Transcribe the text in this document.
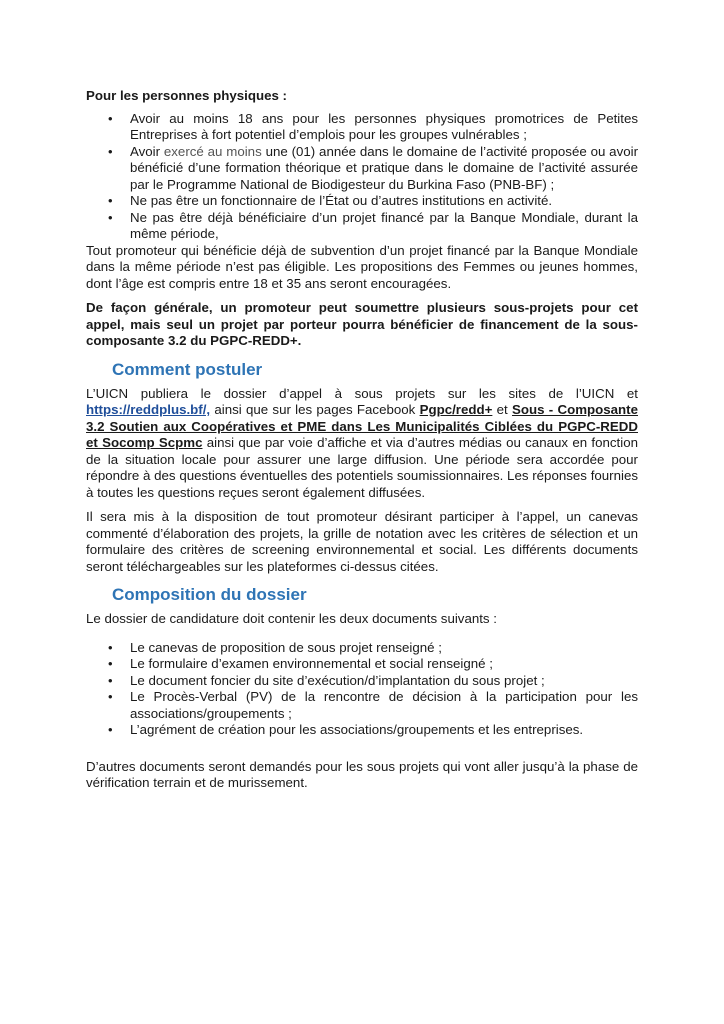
Pour les personnes physiques :
• Avoir au moins 18 ans pour les personnes physiques promotrices de Petites Entreprises à fort potentiel d’emplois pour les groupes vulnérables ;
• Avoir exercé au moins une (01) année dans le domaine de l’activité proposée ou avoir bénéficié d’une formation théorique et pratique dans le domaine de l’activité assurée par le Programme National de Biodigesteur du Burkina Faso (PNB-BF) ;
• Ne pas être un fonctionnaire de l’État ou d’autres institutions en activité.
• Ne pas être déjà bénéficiaire d’un projet financé par la Banque Mondiale, durant la même période,

Tout promoteur qui bénéficie déjà de subvention d’un projet financé par la Banque Mondiale dans la même période n’est pas éligible. Les propositions des Femmes ou jeunes hommes, dont l’âge est compris entre 18 et 35 ans seront encouragées.

De façon générale, un promoteur peut soumettre plusieurs sous-projets pour cet appel, mais seul un projet par porteur pourra bénéficier de financement de la sous-composante 3.2 du PGPC-REDD+.

Comment postuler

L’UICN publiera le dossier d’appel à sous projets sur les sites de l’UICN et https://reddplus.bf/, ainsi que sur les pages Facebook Pgpc/redd+ et Sous - Composante 3.2 Soutien aux Coopératives et PME dans Les Municipalités Ciblées du PGPC-REDD et Socomp Scpmc ainsi que par voie d’affiche et via d’autres médias ou canaux en fonction de la situation locale pour assurer une large diffusion. Une période sera accordée pour répondre à des questions éventuelles des potentiels soumissionnaires. Les réponses fournies à toutes les questions reçues seront également diffusées.

Il sera mis à la disposition de tout promoteur désirant participer à l’appel, un canevas commenté d’élaboration des projets, la grille de notation avec les critères de sélection et un formulaire des critères de screening environnemental et social. Les différents documents seront téléchargeables sur les plateformes ci-dessus citées.

Composition du dossier

Le dossier de candidature doit contenir les deux documents suivants :

• Le canevas de proposition de sous projet renseigné ;
• Le formulaire d’examen environnemental et social renseigné ;
• Le document foncier du site d’exécution/d’implantation du sous projet ;
• Le Procès-Verbal (PV) de la rencontre de décision à la participation pour les associations/groupements ;
• L’agrément de création pour les associations/groupements et les entreprises.

D’autres documents seront demandés pour les sous projets qui vont aller jusqu’à la phase de vérification terrain et de murissement.
